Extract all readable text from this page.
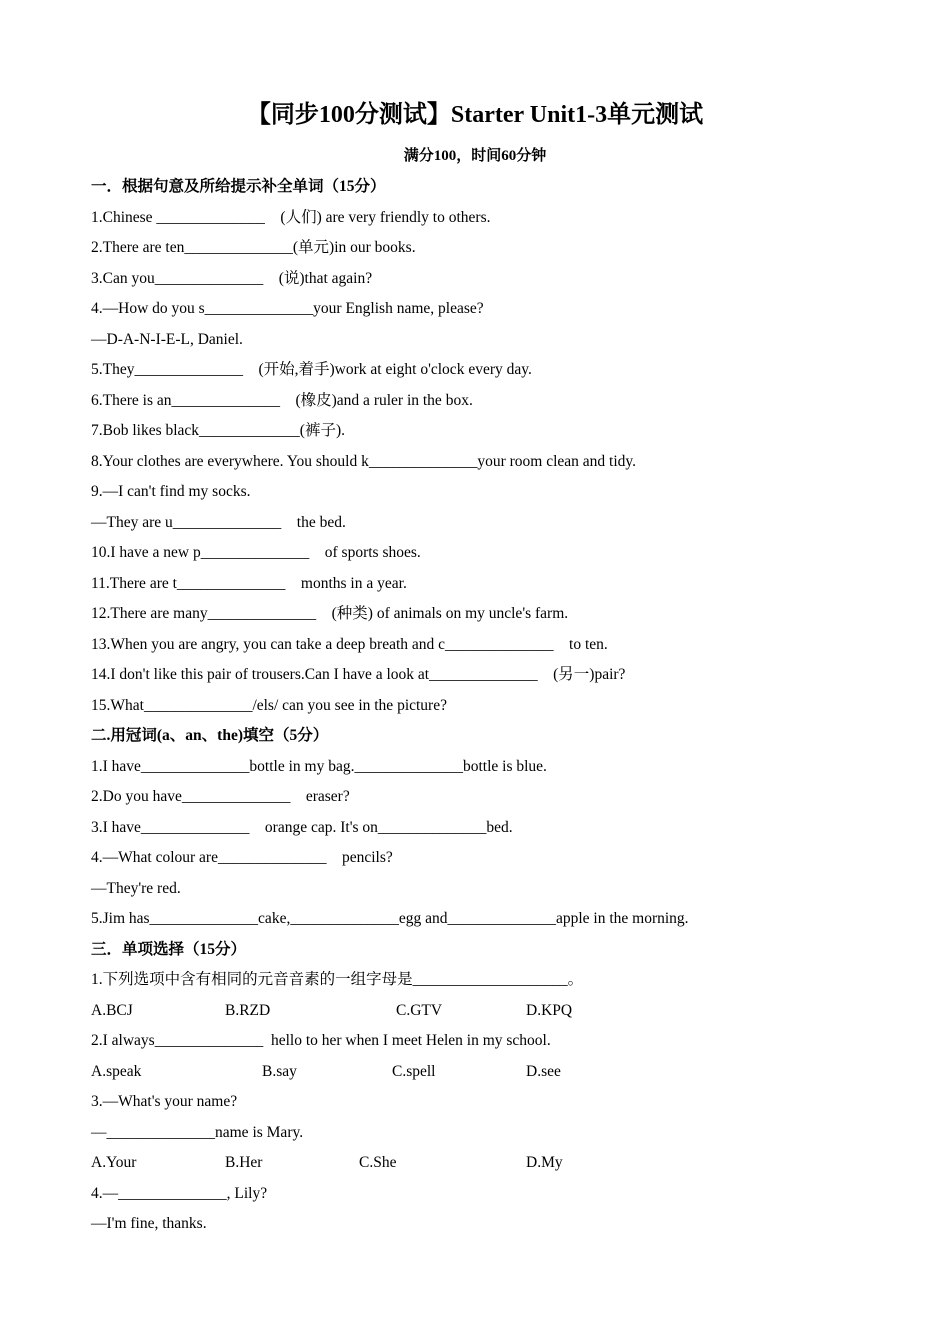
【同步100分测试】Starter Unit1-3单元测试
满分100，时间60分钟
一．根据句意及所给提示补全单词（15分）
1.Chinese ______________    (人们) are very friendly to others.
2.There are ten______________(单元)in our books.
3.Can you______________    (说)that again?
4.—How do you s______________your English name, please?
—D-A-N-I-E-L, Daniel.
5.They______________    (开始,着手)work at eight o'clock every day.
6.There is an______________    (橡皮)and a ruler in the box.
7.Bob likes black_____________(裤子).
8.Your clothes are everywhere. You should k______________your room clean and tidy.
9.—I can't find my socks.
—They are u______________    the bed.
10.I have a new p______________    of sports shoes.
11.There are t______________    months in a year.
12.There are many______________    (种类) of animals on my uncle's farm.
13.When you are angry, you can take a deep breath and c______________    to ten.
14.I don't like this pair of trousers.Can I have a look at______________    (另一)pair?
15.What______________/els/ can you see in the picture?
二.用冠词(a、an、the)填空（5分）
1.I have______________bottle in my bag.______________bottle is blue.
2.Do you have______________    eraser?
3.I have______________    orange cap. It's on______________bed.
4.—What colour are______________    pencils?
—They're red.
5.Jim has______________cake,______________egg and______________apple in the morning.
三．单项选择（15分）
1.下列选项中含有相同的元音音素的一组字母是____________________。
A.BCJ	B.RZD	C.GTV	D.KPQ
2.I always______________  hello to her when I meet Helen in my school.
A.speak	B.say	C.spell	D.see
3.—What's your name?
—______________name is Mary.
A.Your	B.Her	C.She	D.My
4.—______________, Lily?
—I'm fine, thanks.
